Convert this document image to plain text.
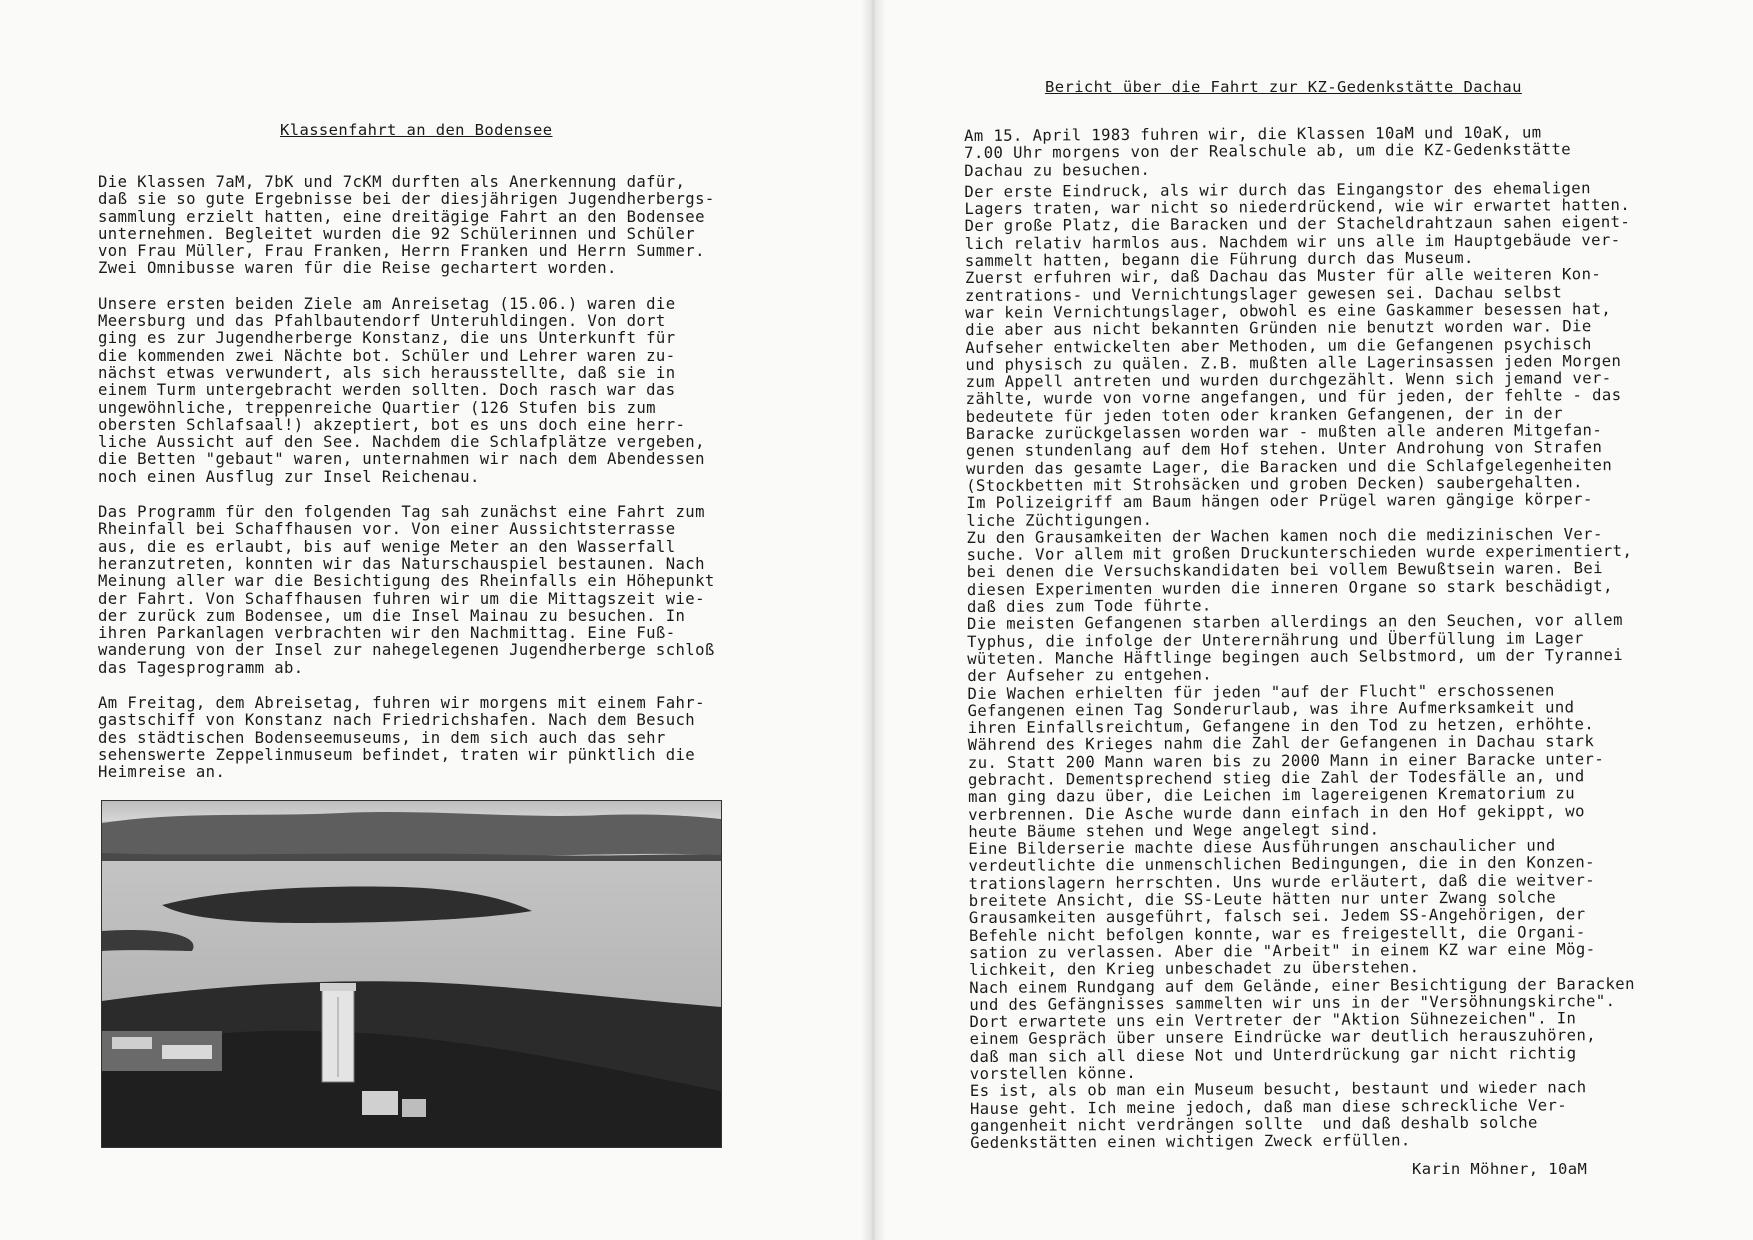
Klassenfahrt an den Bodensee

Die Klassen 7aM, 7bK und 7cKM durften als Anerkennung dafür,
daß sie so gute Ergebnisse bei der diesjährigen Jugendherbergs-
sammlung erzielt hatten, eine dreitägige Fahrt an den Bodensee
unternehmen. Begleitet wurden die 92 Schülerinnen und Schüler
von Frau Müller, Frau Franken, Herrn Franken und Herrn Summer.
Zwei Omnibusse waren für die Reise gechartert worden.

Unsere ersten beiden Ziele am Anreisetag (15.06.) waren die
Meersburg und das Pfahlbautendorf Unteruhldingen. Von dort
ging es zur Jugendherberge Konstanz, die uns Unterkunft für
die kommenden zwei Nächte bot. Schüler und Lehrer waren zu-
nächst etwas verwundert, als sich herausstellte, daß sie in
einem Turm untergebracht werden sollten. Doch rasch war das
ungewöhnliche, treppenreiche Quartier (126 Stufen bis zum
obersten Schlafsaal!) akzeptiert, bot es uns doch eine herr-
liche Aussicht auf den See. Nachdem die Schlafplätze vergeben,
die Betten "gebaut" waren, unternahmen wir nach dem Abendessen
noch einen Ausflug zur Insel Reichenau.

Das Programm für den folgenden Tag sah zunächst eine Fahrt zum
Rheinfall bei Schaffhausen vor. Von einer Aussichtsterrasse
aus, die es erlaubt, bis auf wenige Meter an den Wasserfall
heranzutreten, konnten wir das Naturschauspiel bestaunen. Nach
Meinung aller war die Besichtigung des Rheinfalls ein Höhepunkt
der Fahrt. Von Schaffhausen fuhren wir um die Mittagszeit wie-
der zurück zum Bodensee, um die Insel Mainau zu besuchen. In
ihren Parkanlagen verbrachten wir den Nachmittag. Eine Fuß-
wanderung von der Insel zur nahegelegenen Jugendherberge schloß
das Tagesprogramm ab.

Am Freitag, dem Abreisetag, fuhren wir morgens mit einem Fahr-
gastschiff von Konstanz nach Friedrichshafen. Nach dem Besuch
des städtischen Bodenseemuseums, in dem sich auch das sehr
sehenswerte Zeppelinmuseum befindet, traten wir pünktlich die
Heimreise an.

Bericht über die Fahrt zur KZ-Gedenkstätte Dachau

Am 15. April 1983 fuhren wir, die Klassen 10aM und 10aK, um
7.00 Uhr morgens von der Realschule ab, um die KZ-Gedenkstätte
Dachau zu besuchen.

Der erste Eindruck, als wir durch das Eingangstor des ehemaligen
Lagers traten, war nicht so niederdrückend, wie wir erwartet hatten.
Der große Platz, die Baracken und der Stacheldrahtzaun sahen eigent-
lich relativ harmlos aus. Nachdem wir uns alle im Hauptgebäude ver-
sammelt hatten, begann die Führung durch das Museum.
Zuerst erfuhren wir, daß Dachau das Muster für alle weiteren Kon-
zentrations- und Vernichtungslager gewesen sei. Dachau selbst
war kein Vernichtungslager, obwohl es eine Gaskammer besessen hat,
die aber aus nicht bekannten Gründen nie benutzt worden war. Die
Aufseher entwickelten aber Methoden, um die Gefangenen psychisch
und physisch zu quälen. Z.B. mußten alle Lagerinsassen jeden Morgen
zum Appell antreten und wurden durchgezählt. Wenn sich jemand ver-
zählte, wurde von vorne angefangen, und für jeden, der fehlte - das
bedeutete für jeden toten oder kranken Gefangenen, der in der
Baracke zurückgelassen worden war - mußten alle anderen Mitgefan-
genen stundenlang auf dem Hof stehen. Unter Androhung von Strafen
wurden das gesamte Lager, die Baracken und die Schlafgelegenheiten
(Stockbetten mit Strohsäcken und groben Decken) saubergehalten.
Im Polizeigriff am Baum hängen oder Prügel waren gängige körper-
liche Züchtigungen.
Zu den Grausamkeiten der Wachen kamen noch die medizinischen Ver-
suche. Vor allem mit großen Druckunterschieden wurde experimentiert,
bei denen die Versuchskandidaten bei vollem Bewußtsein waren. Bei
diesen Experimenten wurden die inneren Organe so stark beschädigt,
daß dies zum Tode führte.
Die meisten Gefangenen starben allerdings an den Seuchen, vor allem
Typhus, die infolge der Unterernährung und Überfüllung im Lager
wüteten. Manche Häftlinge begingen auch Selbstmord, um der Tyrannei
der Aufseher zu entgehen.
Die Wachen erhielten für jeden "auf der Flucht" erschossenen
Gefangenen einen Tag Sonderurlaub, was ihre Aufmerksamkeit und
ihren Einfallsreichtum, Gefangene in den Tod zu hetzen, erhöhte.
Während des Krieges nahm die Zahl der Gefangenen in Dachau stark
zu. Statt 200 Mann waren bis zu 2000 Mann in einer Baracke unter-
gebracht. Dementsprechend stieg die Zahl der Todesfälle an, und
man ging dazu über, die Leichen im lagereigenen Krematorium zu
verbrennen. Die Asche wurde dann einfach in den Hof gekippt, wo
heute Bäume stehen und Wege angelegt sind.
Eine Bilderserie machte diese Ausführungen anschaulicher und
verdeutlichte die unmenschlichen Bedingungen, die in den Konzen-
trationslagern herrschten. Uns wurde erläutert, daß die weitver-
breitete Ansicht, die SS-Leute hätten nur unter Zwang solche
Grausamkeiten ausgeführt, falsch sei. Jedem SS-Angehörigen, der
Befehle nicht befolgen konnte, war es freigestellt, die Organi-
sation zu verlassen. Aber die "Arbeit" in einem KZ war eine Mög-
lichkeit, den Krieg unbeschadet zu überstehen.
Nach einem Rundgang auf dem Gelände, einer Besichtigung der Baracken
und des Gefängnisses sammelten wir uns in der "Versöhnungskirche".
Dort erwartete uns ein Vertreter der "Aktion Sühnezeichen". In
einem Gespräch über unsere Eindrücke war deutlich herauszuhören,
daß man sich all diese Not und Unterdrückung gar nicht richtig
vorstellen könne.
Es ist, als ob man ein Museum besucht, bestaunt und wieder nach
Hause geht. Ich meine jedoch, daß man diese schreckliche Ver-
gangenheit nicht verdrängen sollte  und daß deshalb solche
Gedenkstätten einen wichtigen Zweck erfüllen.

Karin Möhner, 10aM
